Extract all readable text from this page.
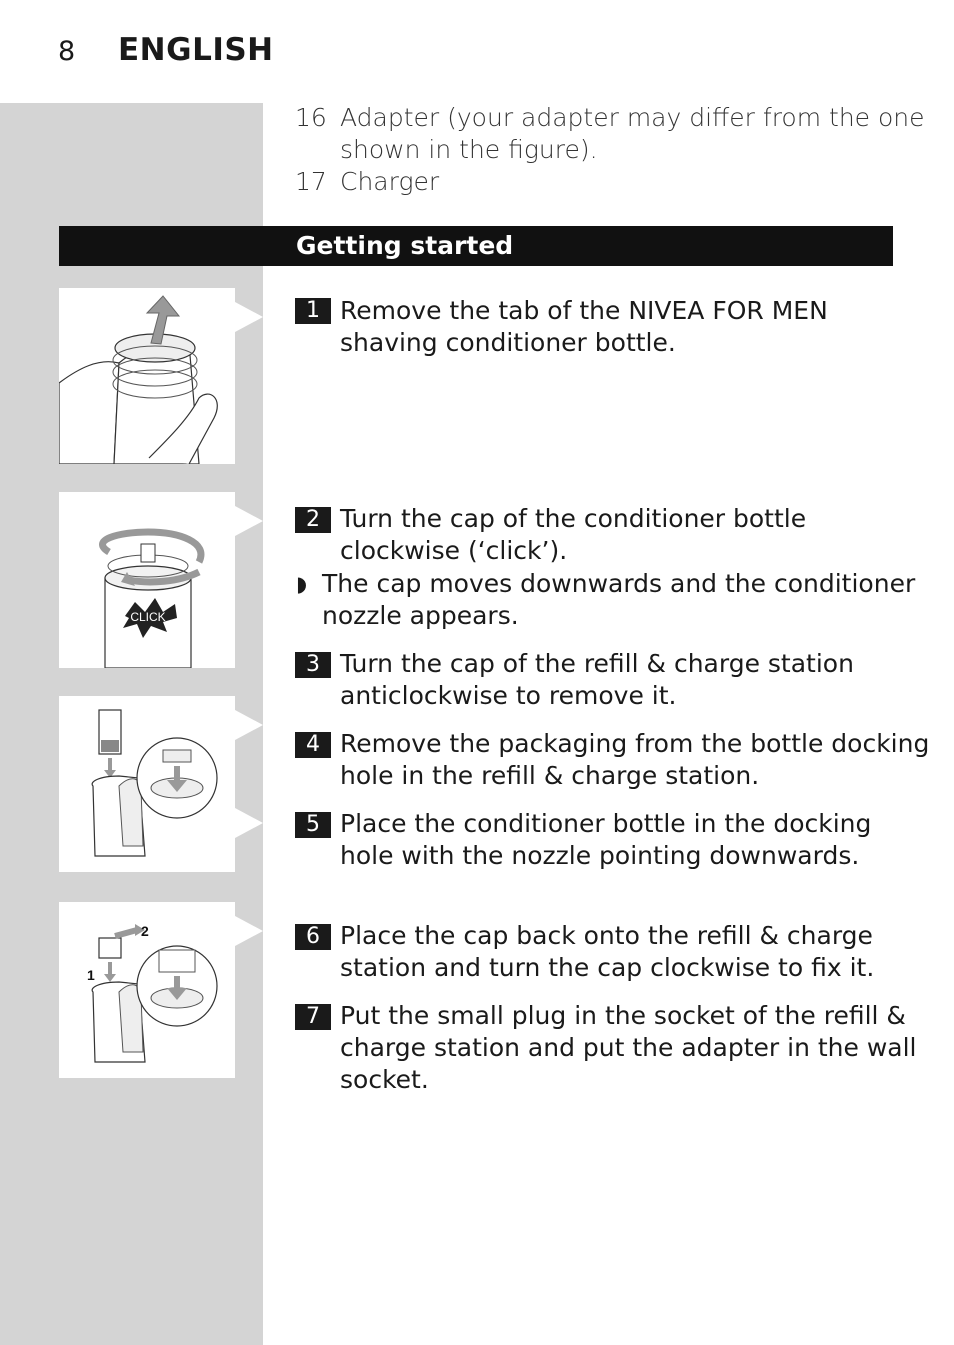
8 ENGLISH
16 Adapter (your adapter may differ from the one
shown in the figure).
17 Charger
Getting started
CLICK
2
1
1 Remove the tab of the NIVEA FOR MEN
shaving conditioner bottle.
2 Turn the cap of the conditioner bottle
clockwise (‘click’).
◗ The cap moves downwards and the conditioner
nozzle appears.
3 Turn the cap of the refill & charge station
anticlockwise to remove it.
4 Remove the packaging from the bottle docking
hole in the refill & charge station.
5 Place the conditioner bottle in the docking
hole with the nozzle pointing downwards.
6 Place the cap back onto the refill & charge
station and turn the cap clockwise to fix it.
7 Put the small plug in the socket of the refill &
charge station and put the adapter in the wall
socket.
